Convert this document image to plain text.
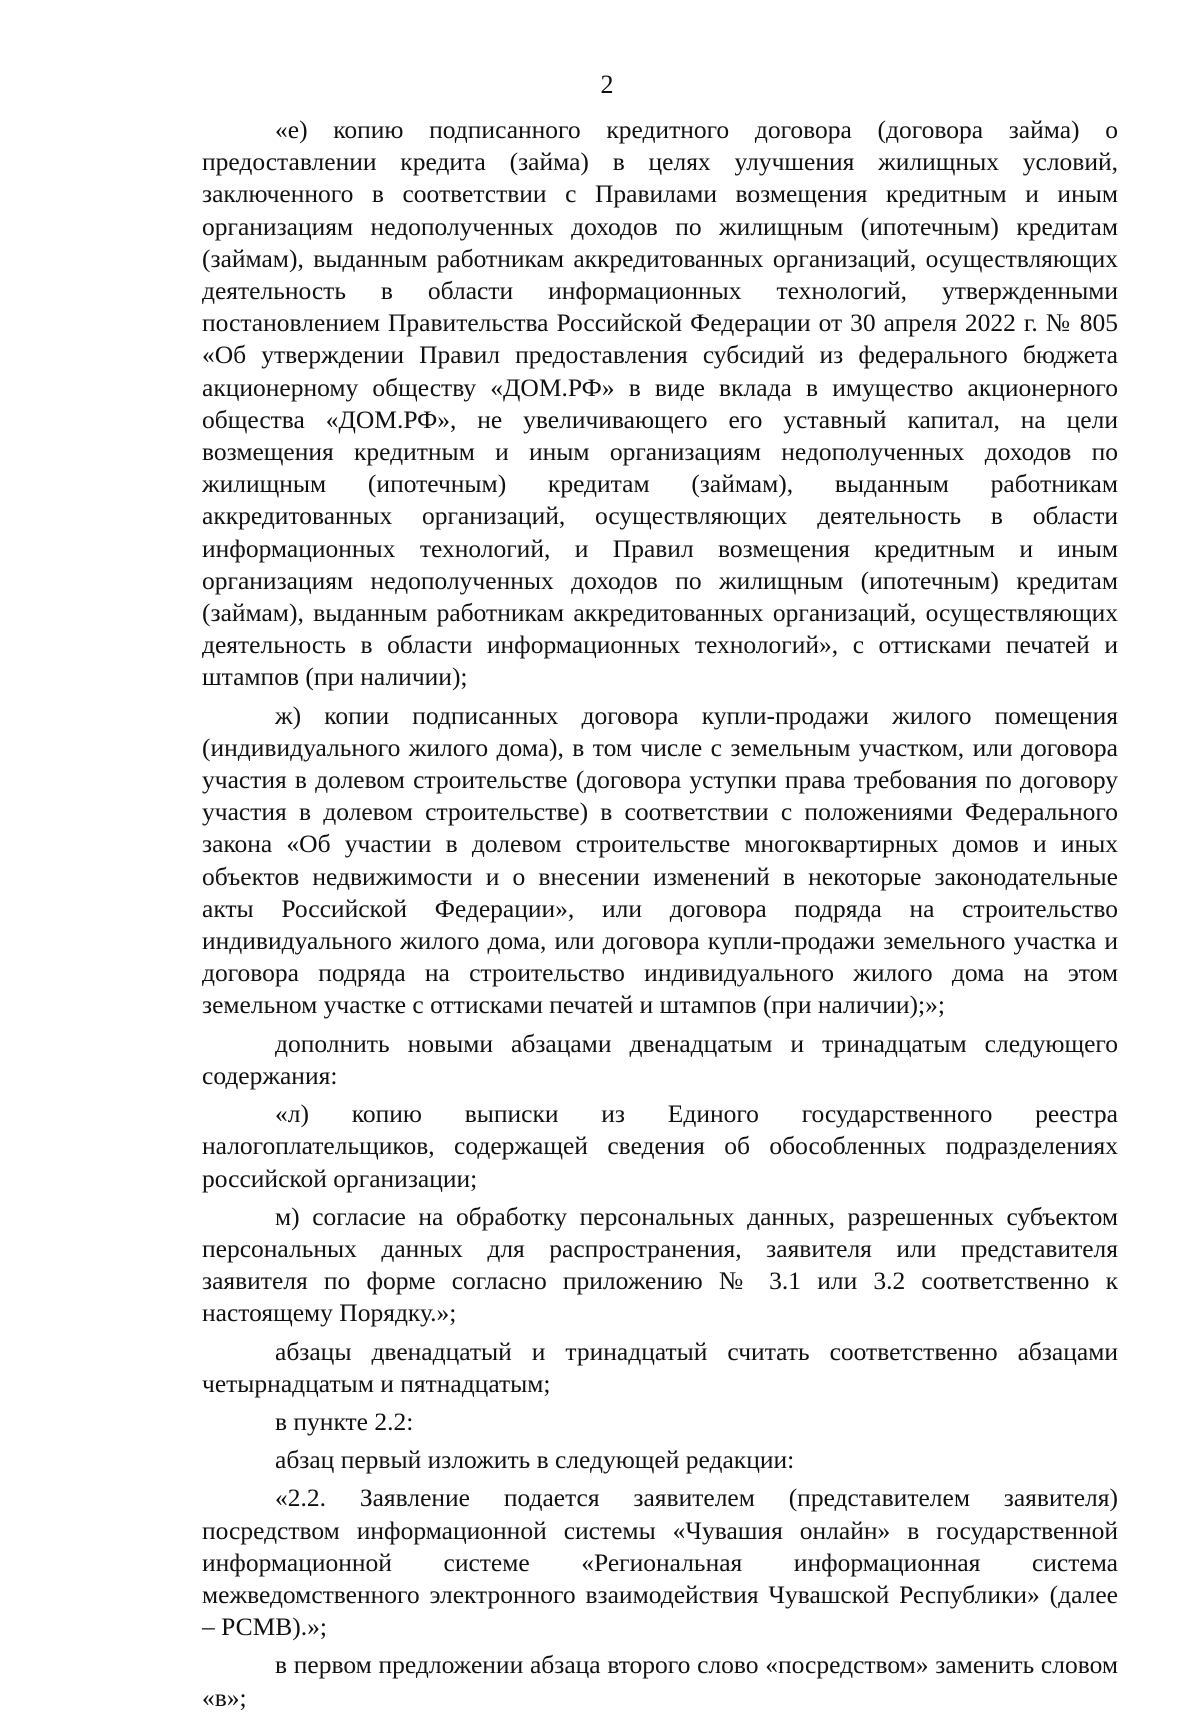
2

«е) копию подписанного кредитного договора (договора займа) о предоставлении кредита (займа) в целях улучшения жилищных условий, заключенного в соответствии с Правилами возмещения кредитным и иным организациям недополученных доходов по жилищным (ипотечным) кредитам (займам), выданным работникам аккредитованных организаций, осуществляющих деятельность в области информационных технологий, утвержденными постановлением Правительства Российской Федерации от 30 апреля 2022 г. № 805 «Об утверждении Правил предоставления субсидий из федерального бюджета акционерному обществу «ДОМ.РФ» в виде вклада в имущество акционерного общества «ДОМ.РФ», не увеличивающего его уставный капитал, на цели возмещения кредитным и иным организациям недополученных доходов по жилищным (ипотечным) кредитам (займам), выданным работникам аккредитованных организаций, осуществляющих деятельность в области информационных технологий, и Правил возмещения кредитным и иным организациям недополученных доходов по жилищным (ипотечным) кредитам (займам), выданным работникам аккредитованных организаций, осуществляющих деятельность в области информационных технологий», с оттисками печатей и штампов (при наличии);

ж) копии подписанных договора купли-продажи жилого помещения (индивидуального жилого дома), в том числе с земельным участком, или договора участия в долевом строительстве (договора уступки права требования по договору участия в долевом строительстве) в соответствии с положениями Федерального закона «Об участии в долевом строительстве многоквартирных домов и иных объектов недвижимости и о внесении изменений в некоторые законодательные акты Российской Федерации», или договора подряда на строительство индивидуального жилого дома, или договора купли-продажи земельного участка и договора подряда на строительство индивидуального жилого дома на этом земельном участке с оттисками печатей и штампов (при наличии);»;

дополнить новыми абзацами двенадцатым и тринадцатым следующего содержания:

«л) копию выписки из Единого государственного реестра налогоплательщиков, содержащей сведения об обособленных подразделениях российской организации;

м) согласие на обработку персональных данных, разрешенных субъектом персональных данных для распространения, заявителя или представителя заявителя по форме согласно приложению № 3.1 или 3.2 соответственно к настоящему Порядку.»;

абзацы двенадцатый и тринадцатый считать соответственно абзацами четырнадцатым и пятнадцатым;

в пункте 2.2:

абзац первый изложить в следующей редакции:

«2.2. Заявление подается заявителем (представителем заявителя) посредством информационной системы «Чувашия онлайн» в государственной информационной системе «Региональная информационная система межведомственного электронного взаимодействия Чувашской Республики» (далее – РСМВ).»;

в первом предложении абзаца второго слово «посредством» заменить словом «в»;
